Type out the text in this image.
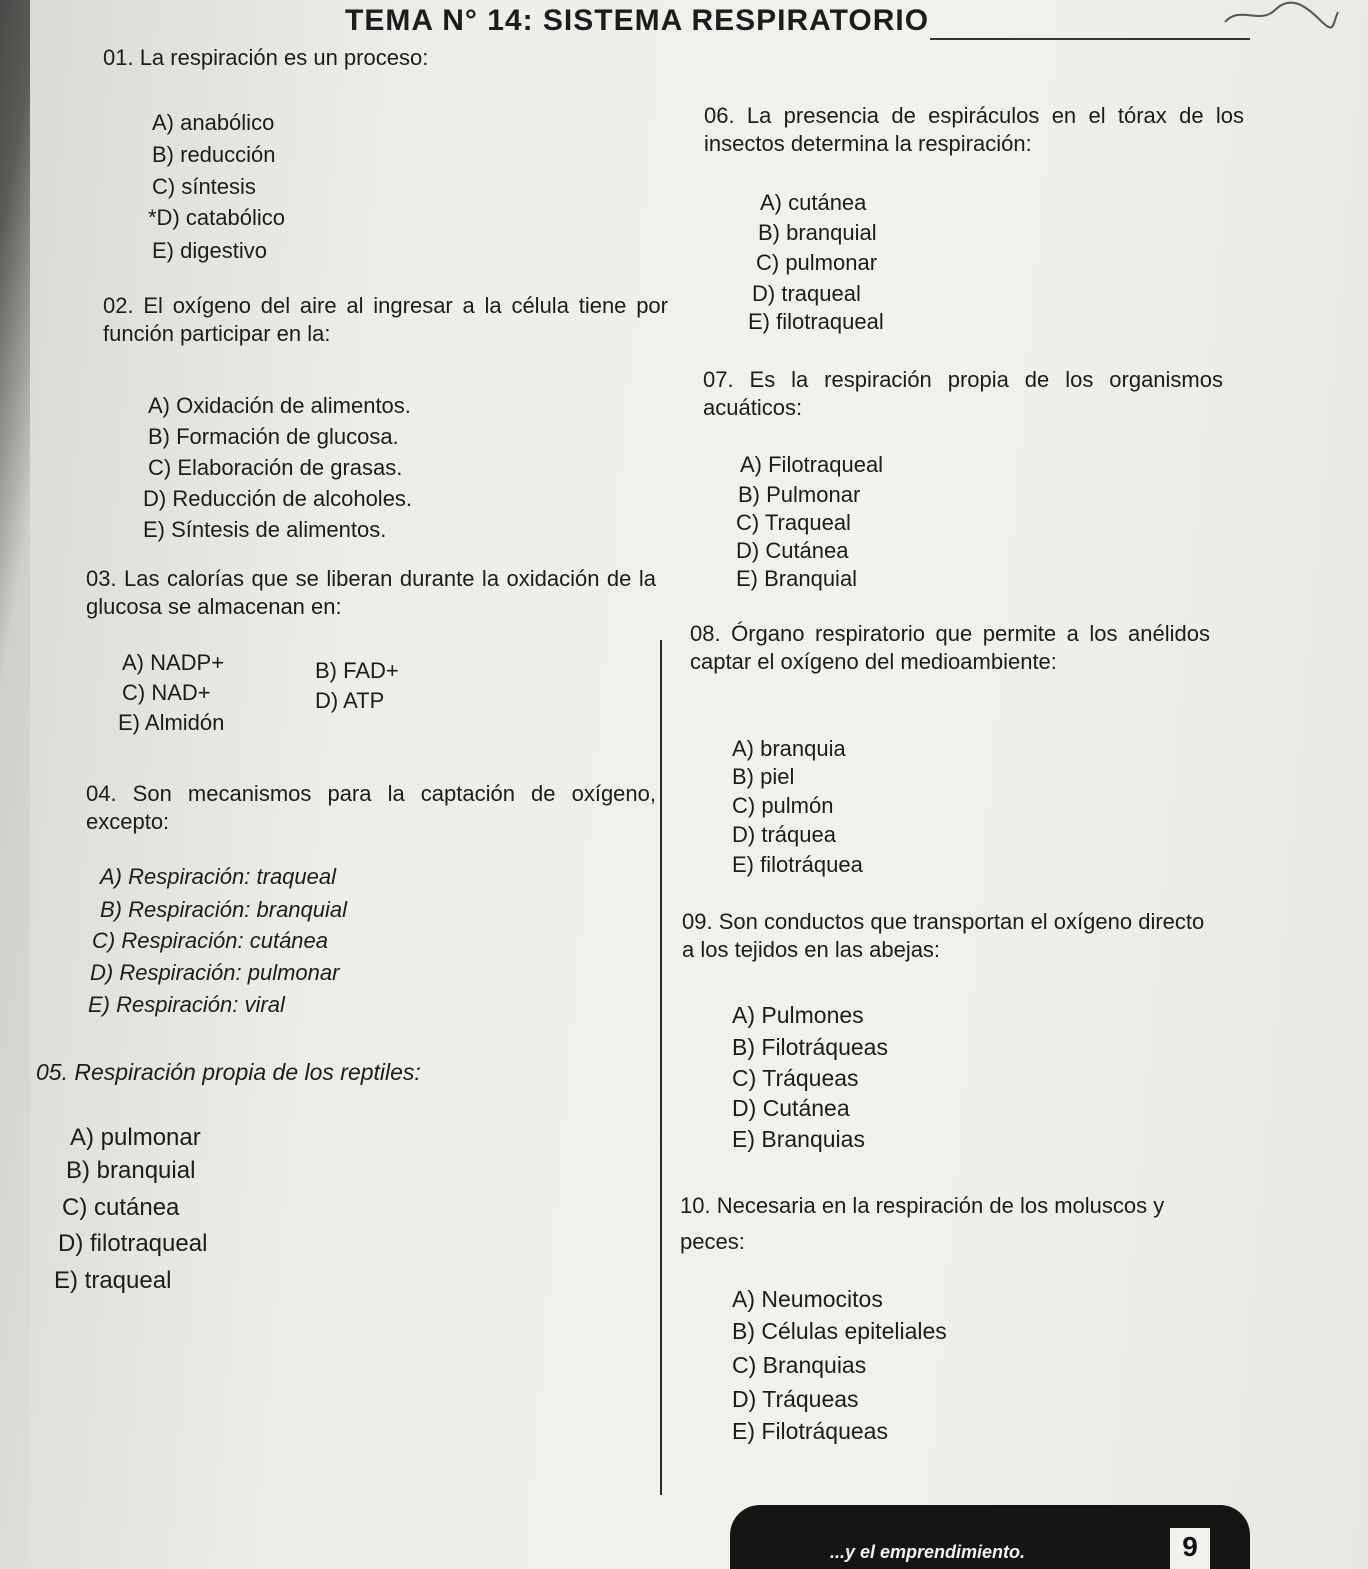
TEMA N° 14: SISTEMA RESPIRATORIO

01. La respiración es un proceso:

A) anabólico
B) reducción
C) síntesis
*D) catabólico
E) digestivo

02. El oxígeno del aire al ingresar a la célula tiene por función participar en la:

A) Oxidación de alimentos.
B) Formación de glucosa.
C) Elaboración de grasas.
D) Reducción de alcoholes.
E) Síntesis de alimentos.

03. Las calorías que se liberan durante la oxidación de la glucosa se almacenan en:

A) NADP+	B) FAD+
C) NAD+	D) ATP
E) Almidón

04. Son mecanismos para la captación de oxígeno, excepto:

A) Respiración: traqueal
B) Respiración: branquial
C) Respiración: cutánea
D) Respiración: pulmonar
E) Respiración: viral

05. Respiración propia de los reptiles:

A) pulmonar
B) branquial
C) cutánea
D) filotraqueal
E) traqueal

06. La presencia de espiráculos en el tórax de los insectos determina la respiración:

A) cutánea
B) branquial
C) pulmonar
D) traqueal
E) filotraqueal

07. Es la respiración propia de los organismos acuáticos:

A) Filotraqueal
B) Pulmonar
C) Traqueal
D) Cutánea
E) Branquial

08. Órgano respiratorio que permite a los anélidos captar el oxígeno del medioambiente:

A) branquia
B) piel
C) pulmón
D) tráquea
E) filotráquea

09. Son conductos que transportan el oxígeno directo a los tejidos en las abejas:

A) Pulmones
B) Filotráqueas
C) Tráqueas
D) Cutánea
E) Branquias

10. Necesaria en la respiración de los moluscos y peces:

A) Neumocitos
B) Células epiteliales
C) Branquias
D) Tráqueas
E) Filotráqueas
...y el emprendimiento.	9
